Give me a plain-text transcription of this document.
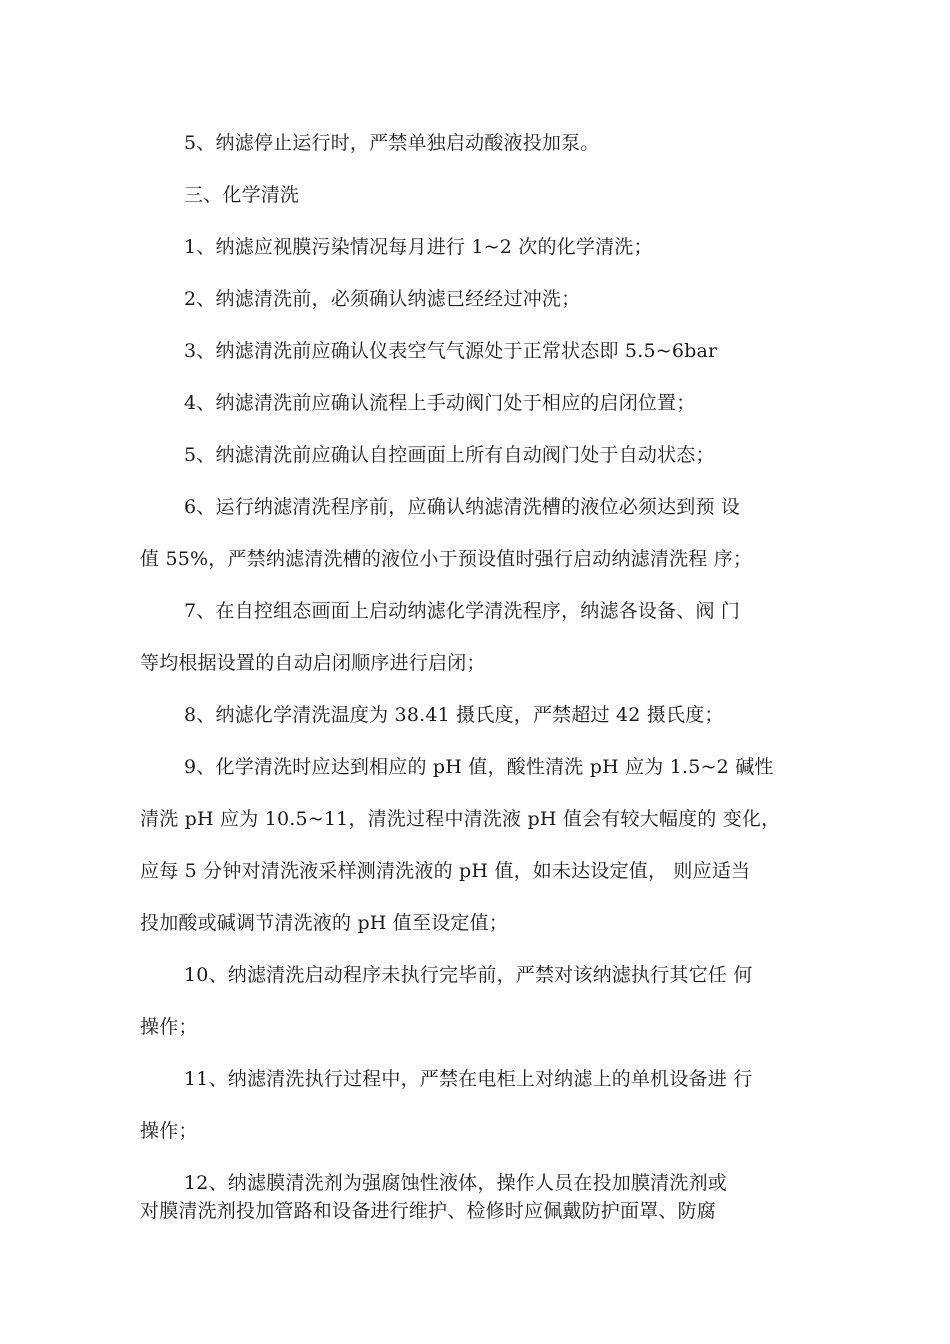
5、纳滤停止运行时，严禁单独启动酸液投加泵。
三、化学清洗
1、纳滤应视膜污染情况每月进行 1~2 次的化学清洗；
2、纳滤清洗前，必须确认纳滤已经经过冲洗；
3、纳滤清洗前应确认仪表空气气源处于正常状态即 5.5~6bar
4、纳滤清洗前应确认流程上手动阀门处于相应的启闭位置；
5、纳滤清洗前应确认自控画面上所有自动阀门处于自动状态；
6、运行纳滤清洗程序前，应确认纳滤清洗槽的液位必须达到预 设
值 55%，严禁纳滤清洗槽的液位小于预设值时强行启动纳滤清洗程 序；
7、在自控组态画面上启动纳滤化学清洗程序，纳滤各设备、阀 门
等均根据设置的自动启闭顺序进行启闭；
8、纳滤化学清洗温度为 38.41 摄氏度，严禁超过 42 摄氏度；
9、化学清洗时应达到相应的 pH 值，酸性清洗 pH 应为 1.5~2 碱性
清洗 pH 应为 10.5~11，清洗过程中清洗液 pH 值会有较大幅度的 变化，
应每 5 分钟对清洗液采样测清洗液的 pH 值，如未达设定值， 则应适当
投加酸或碱调节清洗液的 pH 值至设定值；
10、纳滤清洗启动程序未执行完毕前，严禁对该纳滤执行其它任 何
操作；
11、纳滤清洗执行过程中，严禁在电柜上对纳滤上的单机设备进 行
操作；
12、纳滤膜清洗剂为强腐蚀性液体，操作人员在投加膜清洗剂或
对膜清洗剂投加管路和设备进行维护、检修时应佩戴防护面罩、防腐
